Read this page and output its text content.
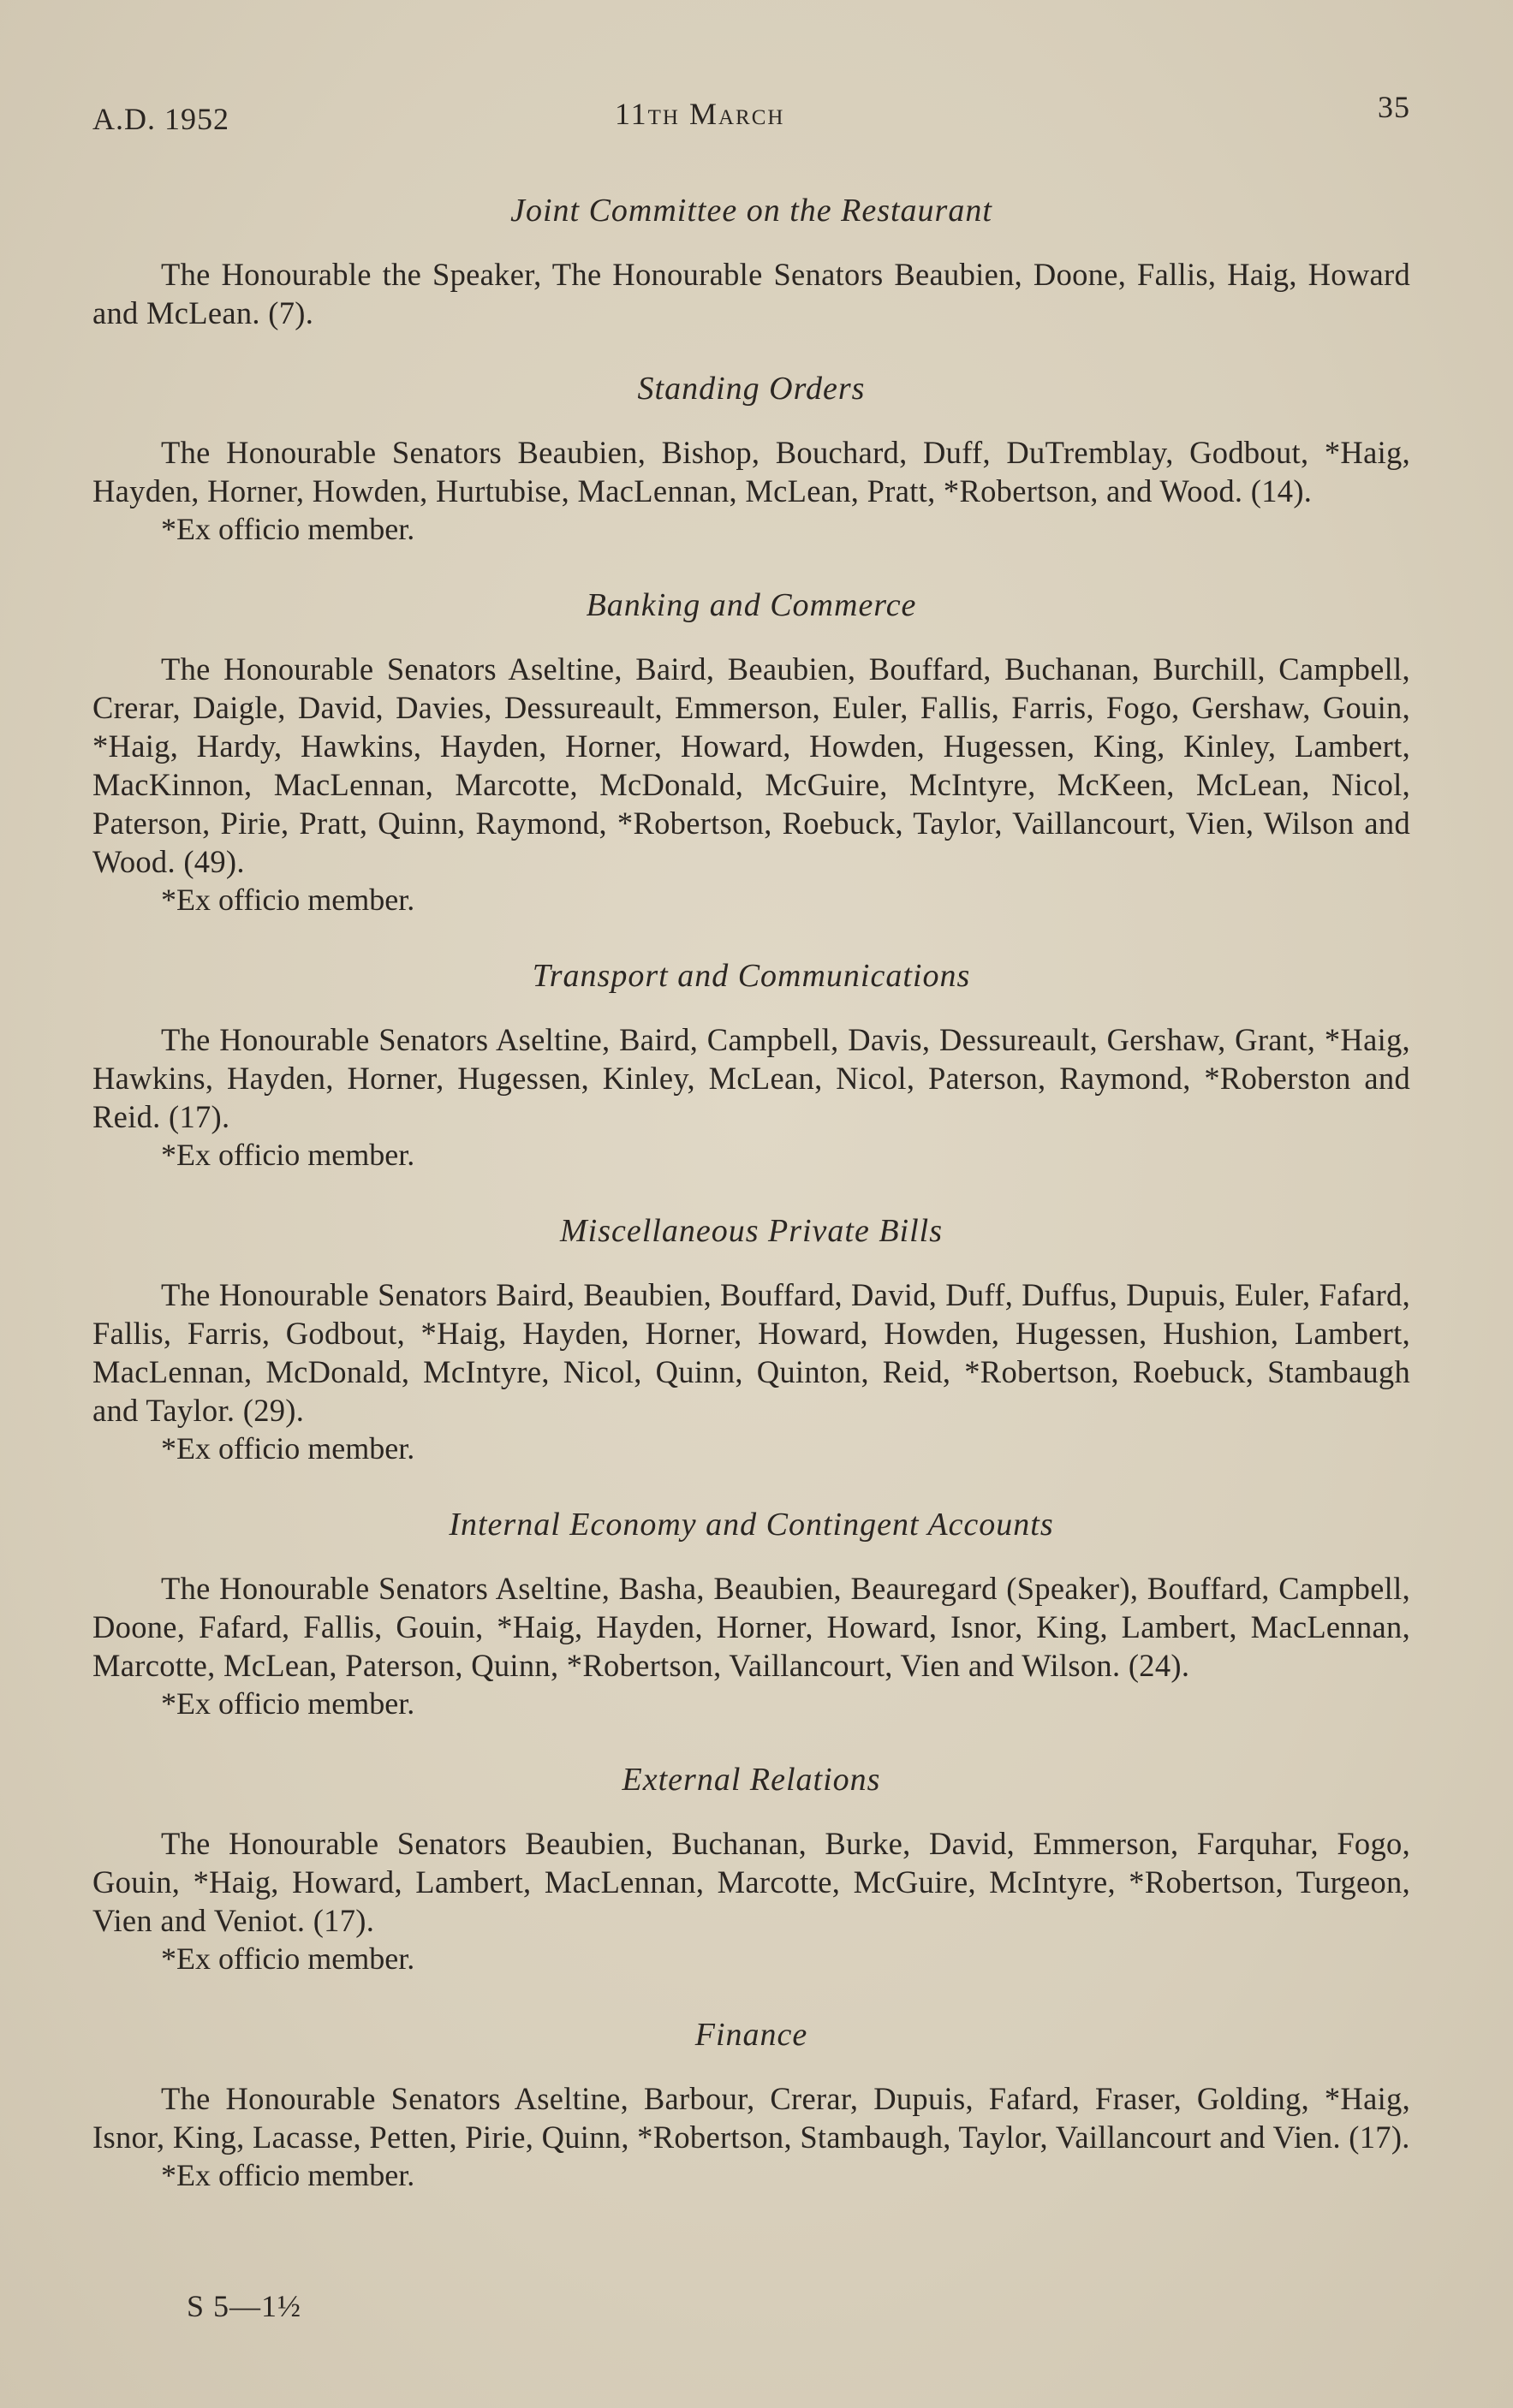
A.D. 1952	11th March	35
Joint Committee on the Restaurant

The Honourable the Speaker, The Honourable Senators Beaubien, Doone, Fallis, Haig, Howard and McLean. (7).

Standing Orders

The Honourable Senators Beaubien, Bishop, Bouchard, Duff, DuTremblay, Godbout, *Haig, Hayden, Horner, Howden, Hurtubise, MacLennan, McLean, Pratt, *Robertson, and Wood. (14).

*Ex officio member.

Banking and Commerce

The Honourable Senators Aseltine, Baird, Beaubien, Bouffard, Buchanan, Burchill, Campbell, Crerar, Daigle, David, Davies, Dessureault, Emmerson, Euler, Fallis, Farris, Fogo, Gershaw, Gouin, *Haig, Hardy, Hawkins, Hayden, Horner, Howard, Howden, Hugessen, King, Kinley, Lambert, MacKinnon, MacLennan, Marcotte, McDonald, McGuire, McIntyre, McKeen, McLean, Nicol, Paterson, Pirie, Pratt, Quinn, Raymond, *Robertson, Roebuck, Taylor, Vaillancourt, Vien, Wilson and Wood. (49).

*Ex officio member.

Transport and Communications

The Honourable Senators Aseltine, Baird, Campbell, Davis, Dessureault, Gershaw, Grant, *Haig, Hawkins, Hayden, Horner, Hugessen, Kinley, McLean, Nicol, Paterson, Raymond, *Roberston and Reid. (17).

*Ex officio member.

Miscellaneous Private Bills

The Honourable Senators Baird, Beaubien, Bouffard, David, Duff, Duffus, Dupuis, Euler, Fafard, Fallis, Farris, Godbout, *Haig, Hayden, Horner, Howard, Howden, Hugessen, Hushion, Lambert, MacLennan, McDonald, McIntyre, Nicol, Quinn, Quinton, Reid, *Robertson, Roebuck, Stambaugh and Taylor. (29).

*Ex officio member.

Internal Economy and Contingent Accounts

The Honourable Senators Aseltine, Basha, Beaubien, Beauregard (Speaker), Bouffard, Campbell, Doone, Fafard, Fallis, Gouin, *Haig, Hayden, Horner, Howard, Isnor, King, Lambert, MacLennan, Marcotte, McLean, Paterson, Quinn, *Robertson, Vaillancourt, Vien and Wilson. (24).

*Ex officio member.

External Relations

The Honourable Senators Beaubien, Buchanan, Burke, David, Emmerson, Farquhar, Fogo, Gouin, *Haig, Howard, Lambert, MacLennan, Marcotte, McGuire, McIntyre, *Robertson, Turgeon, Vien and Veniot. (17).

*Ex officio member.

Finance

The Honourable Senators Aseltine, Barbour, Crerar, Dupuis, Fafard, Fraser, Golding, *Haig, Isnor, King, Lacasse, Petten, Pirie, Quinn, *Robertson, Stambaugh, Taylor, Vaillancourt and Vien. (17).

*Ex officio member.

S 5—1½
